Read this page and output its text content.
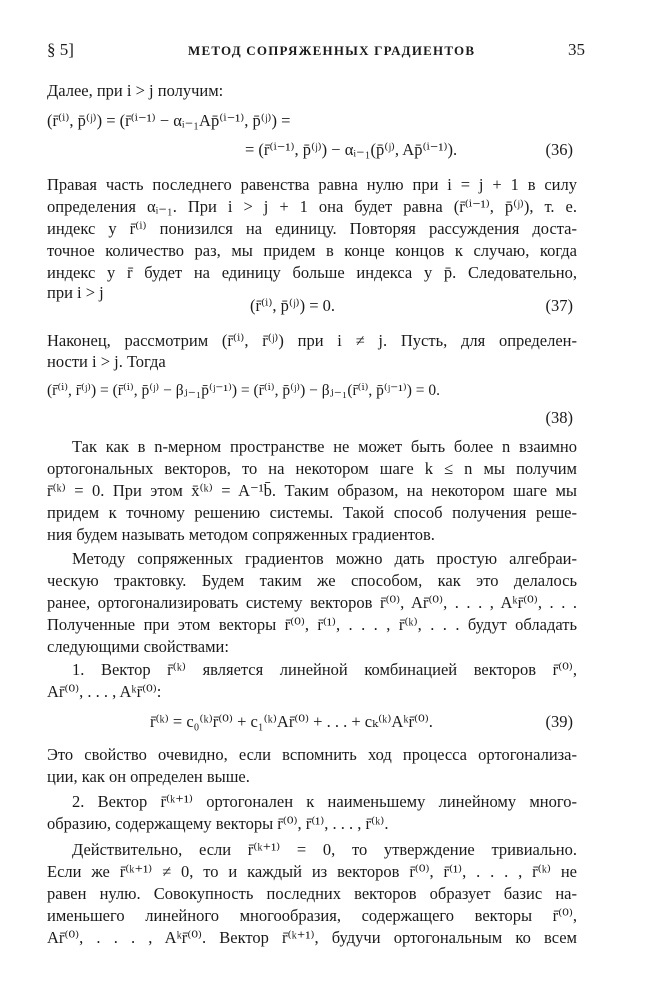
§ 5]	МЕТОД СОПРЯЖЕННЫХ ГРАДИЕНТОВ	35
Далее, при i > j получим:
(r̄⁽ⁱ⁾, p̄⁽ʲ⁾) = (r̄⁽ⁱ⁻¹⁾ − αᵢ₋₁Ap̄⁽ⁱ⁻¹⁾, p̄⁽ʲ⁾) =
= (r̄⁽ⁱ⁻¹⁾, p̄⁽ʲ⁾) − αᵢ₋₁(p̄⁽ʲ⁾, Ap̄⁽ⁱ⁻¹⁾).	(36)
Правая часть последнего равенства равна нулю при i = j + 1 в силу
определения αᵢ₋₁. При i > j + 1 она будет равна (r̄⁽ⁱ⁻¹⁾, p̄⁽ʲ⁾), т. е.
индекс у r̄⁽ⁱ⁾ понизился на единицу. Повторяя рассуждения доста-
точное количество раз, мы придем в конце концов к случаю, когда
индекс у r̄ будет на единицу больше индекса у p̄. Следовательно,
при i > j
(r̄⁽ⁱ⁾, p̄⁽ʲ⁾) = 0.	(37)
Наконец, рассмотрим (r̄⁽ⁱ⁾, r̄⁽ʲ⁾) при i ≠ j. Пусть, для определен-
ности i > j. Тогда
(r̄⁽ⁱ⁾, r̄⁽ʲ⁾) = (r̄⁽ⁱ⁾, p̄⁽ʲ⁾ − βⱼ₋₁p̄⁽ʲ⁻¹⁾) = (r̄⁽ⁱ⁾, p̄⁽ʲ⁾) − βⱼ₋₁(r̄⁽ⁱ⁾, p̄⁽ʲ⁻¹⁾) = 0.
(38)
Так как в n-мерном пространстве не может быть более n взаимно
ортогональных векторов, то на некотором шаге k ≤ n мы получим
r̄⁽ᵏ⁾ = 0. При этом x̄⁽ᵏ⁾ = A⁻¹b̄. Таким образом, на некотором шаге мы
придем к точному решению системы. Такой способ получения реше-
ния будем называть методом сопряженных градиентов.
Методу сопряженных градиентов можно дать простую алгебраи-
ческую трактовку. Будем таким же способом, как это делалось
ранее, ортогонализировать систему векторов r̄⁽⁰⁾, Ar̄⁽⁰⁾, . . . , Aᵏr̄⁽⁰⁾, . . .
Полученные при этом векторы r̄⁽⁰⁾, r̄⁽¹⁾, . . . , r̄⁽ᵏ⁾, . . . будут обладать
следующими свойствами:
1. Вектор r̄⁽ᵏ⁾ является линейной комбинацией векторов r̄⁽⁰⁾,
Ar̄⁽⁰⁾, . . . , Aᵏr̄⁽⁰⁾:
r̄⁽ᵏ⁾ = c₀⁽ᵏ⁾r̄⁽⁰⁾ + c₁⁽ᵏ⁾Ar̄⁽⁰⁾ + . . . + cₖ⁽ᵏ⁾Aᵏr̄⁽⁰⁾.	(39)
Это свойство очевидно, если вспомнить ход процесса ортогонализа-
ции, как он определен выше.
2. Вектор r̄⁽ᵏ⁺¹⁾ ортогонален к наименьшему линейному много-
образию, содержащему векторы r̄⁽⁰⁾, r̄⁽¹⁾, . . . , r̄⁽ᵏ⁾.
Действительно, если r̄⁽ᵏ⁺¹⁾ = 0, то утверждение тривиально.
Если же r̄⁽ᵏ⁺¹⁾ ≠ 0, то и каждый из векторов r̄⁽⁰⁾, r̄⁽¹⁾, . . . , r̄⁽ᵏ⁾ не
равен нулю. Совокупность последних векторов образует базис на-
именьшего линейного многообразия, содержащего векторы r̄⁽⁰⁾,
Ar̄⁽⁰⁾, . . . , Aᵏr̄⁽⁰⁾. Вектор r̄⁽ᵏ⁺¹⁾, будучи ортогональным ко всем
